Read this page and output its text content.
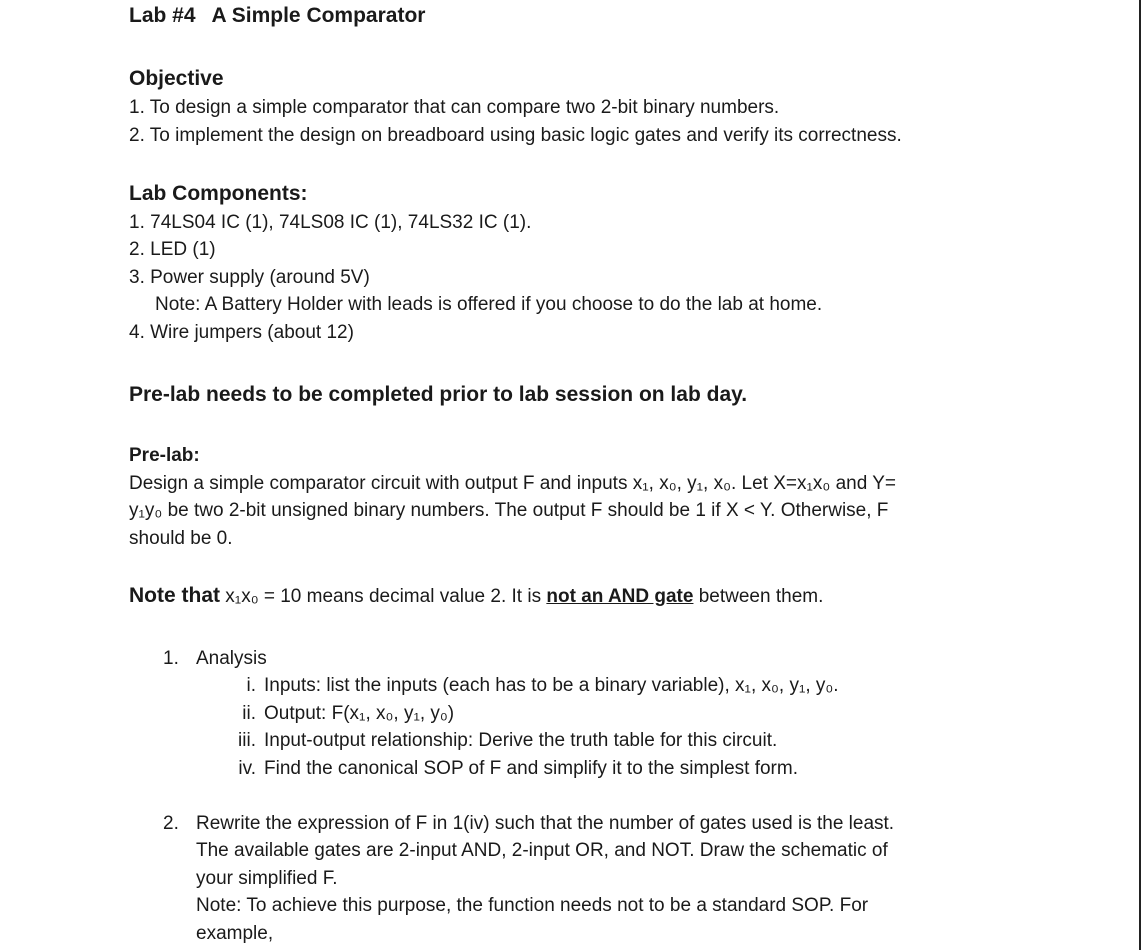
Lab #4 A Simple Comparator
Objective
1. To design a simple comparator that can compare two 2-bit binary numbers.
2. To implement the design on breadboard using basic logic gates and verify its correctness.
Lab Components:
1. 74LS04 IC (1), 74LS08 IC (1), 74LS32 IC (1).
2. LED (1)
3. Power supply (around 5V)
Note: A Battery Holder with leads is offered if you choose to do the lab at home.
4. Wire jumpers (about 12)
Pre-lab needs to be completed prior to lab session on lab day.
Pre-lab:
Design a simple comparator circuit with output F and inputs x₁, x₀, y₁, x₀. Let X=x₁x₀ and Y=
y₁y₀ be two 2-bit unsigned binary numbers. The output F should be 1 if X < Y. Otherwise, F
should be 0.
Note that x₁x₀ = 10 means decimal value 2. It is not an AND gate between them.
1. Analysis
i. Inputs: list the inputs (each has to be a binary variable), x₁, x₀, y₁, y₀.
ii. Output: F(x₁, x₀, y₁, y₀)
iii. Input-output relationship: Derive the truth table for this circuit.
iv. Find the canonical SOP of F and simplify it to the simplest form.
2. Rewrite the expression of F in 1(iv) such that the number of gates used is the least.
The available gates are 2-input AND, 2-input OR, and NOT. Draw the schematic of
your simplified F.
Note: To achieve this purpose, the function needs not to be a standard SOP. For
example,
